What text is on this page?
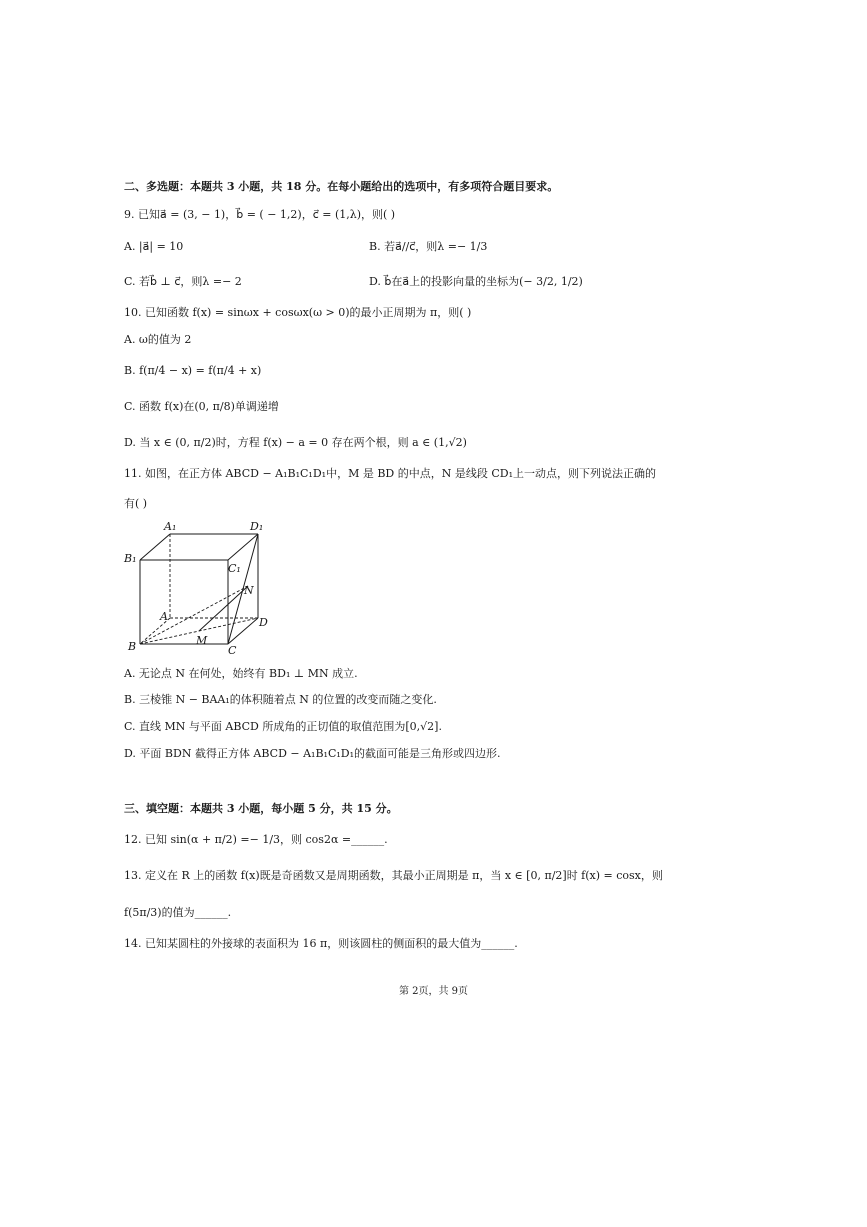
二、多选题：本题共 3 小题，共 18 分。在每小题给出的选项中，有多项符合题目要求。
9. 已知a⃗ = (3, − 1)，b⃗ = ( − 1,2)，c⃗ = (1,λ)，则( )
A. |a⃗| = 10	B. 若a⃗//c⃗，则λ =− 1/3
C. 若b⃗ ⊥ c⃗，则λ =− 2	D. b⃗在a⃗上的投影向量的坐标为(− 3/2, 1/2)
10. 已知函数 f(x) = sinωx + cosωx(ω > 0)的最小正周期为 π，则( )
A. ω的值为 2
B. f(π/4 − x) = f(π/4 + x)
C. 函数 f(x)在(0, π/8)单调递增
D. 当 x ∈ (0, π/2)时，方程 f(x) − a = 0 存在两个根，则 a ∈ (1,√2)
11. 如图，在正方体 ABCD − A₁B₁C₁D₁中，M 是 BD 的中点，N 是线段 CD₁上一动点，则下列说法正确的
有( )
A₁	D₁
B₁
C₁
N
A	D
B	M
C
A. 无论点 N 在何处，始终有 BD₁ ⊥ MN 成立.
B. 三棱锥 N − BAA₁的体积随着点 N 的位置的改变而随之变化.
C. 直线 MN 与平面 ABCD 所成角的正切值的取值范围为[0,√2].
D. 平面 BDN 截得正方体 ABCD − A₁B₁C₁D₁的截面可能是三角形或四边形.
三、填空题：本题共 3 小题，每小题 5 分，共 15 分。
12. 已知 sin(α + π/2) =− 1/3，则 cos2α =______.
13. 定义在 R 上的函数 f(x)既是奇函数又是周期函数，其最小正周期是 π，当 x ∈ [0, π/2]时 f(x) = cosx，则
f(5π/3)的值为______.
14. 已知某圆柱的外接球的表面积为 16 π，则该圆柱的侧面积的最大值为______.
第 2页，共 9页
